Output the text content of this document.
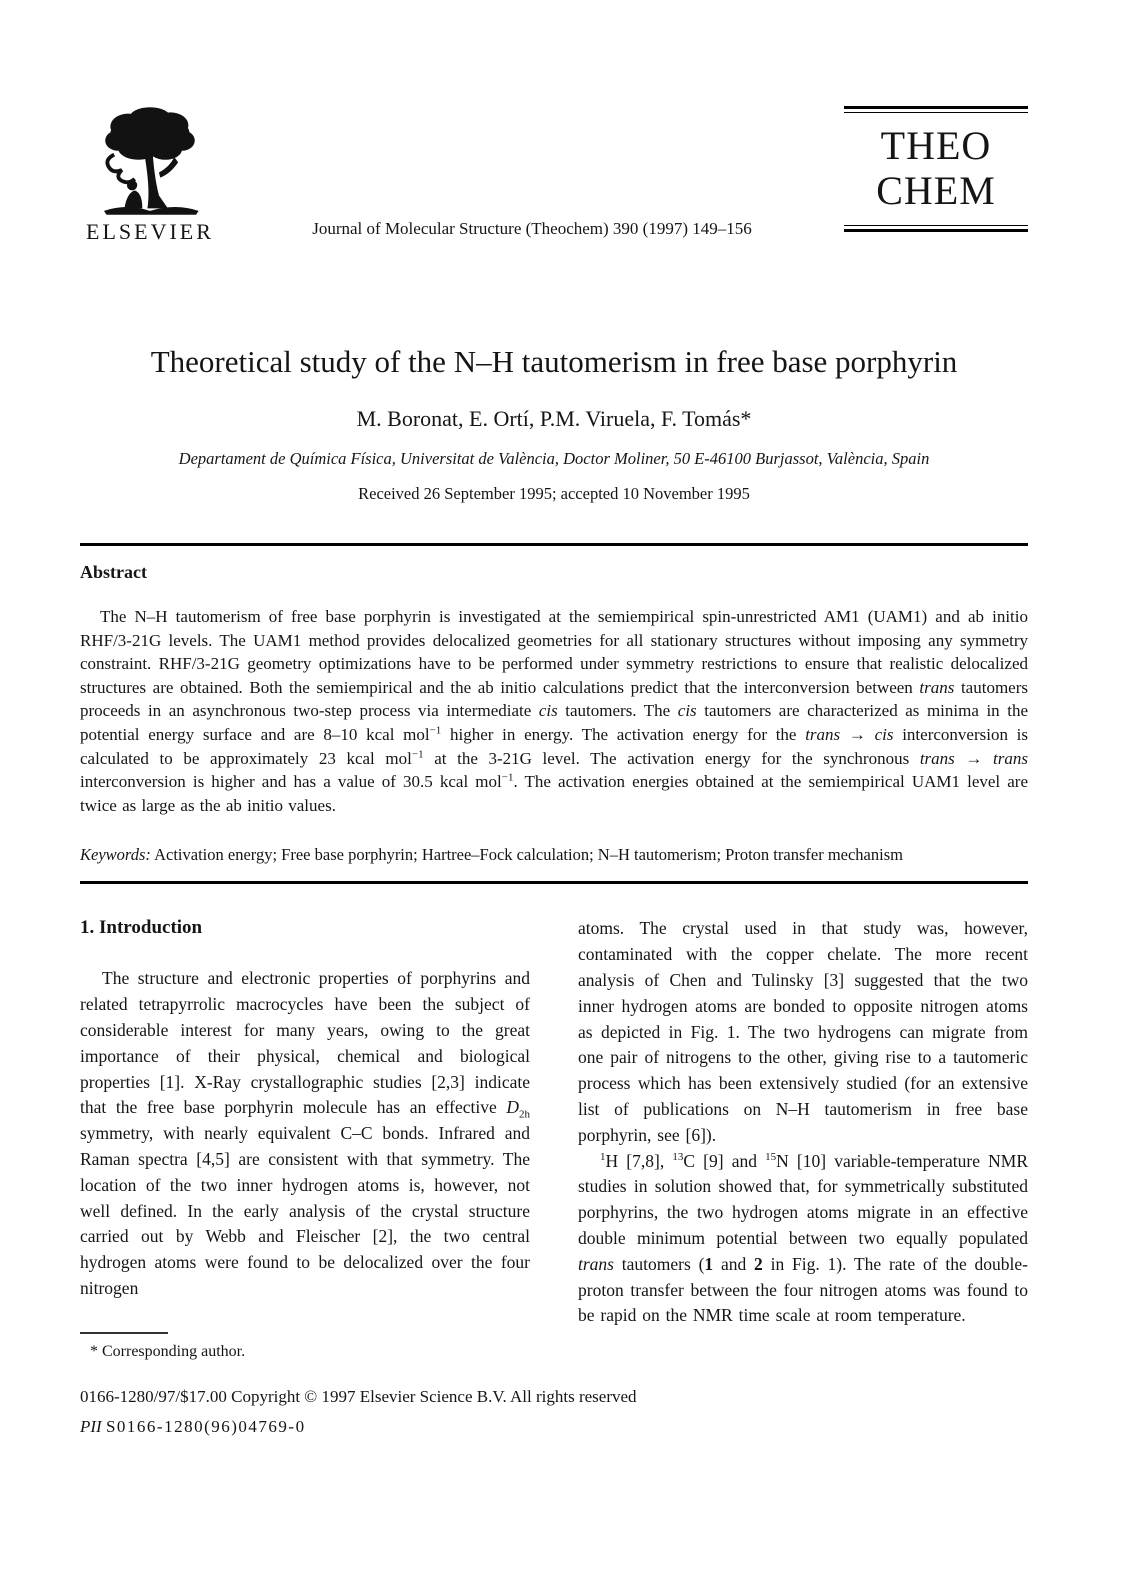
ELSEVIER	Journal of Molecular Structure (Theochem) 390 (1997) 149–156
THEO
CHEM
Theoretical study of the N–H tautomerism in free base porphyrin
M. Boronat, E. Ortí, P.M. Viruela, F. Tomás*
Departament de Química Física, Universitat de València, Doctor Moliner, 50 E-46100 Burjassot, València, Spain
Received 26 September 1995; accepted 10 November 1995
Abstract

The N–H tautomerism of free base porphyrin is investigated at the semiempirical spin-unrestricted AM1 (UAM1) and ab initio RHF/3-21G levels. The UAM1 method provides delocalized geometries for all stationary structures without imposing any symmetry constraint. RHF/3-21G geometry optimizations have to be performed under symmetry restrictions to ensure that realistic delocalized structures are obtained. Both the semiempirical and the ab initio calculations predict that the interconversion between trans tautomers proceeds in an asynchronous two-step process via intermediate cis tautomers. The cis tautomers are characterized as minima in the potential energy surface and are 8–10 kcal mol$^{-1}$ higher in energy. The activation energy for the trans → cis interconversion is calculated to be approximately 23 kcal mol$^{-1}$ at the 3-21G level. The activation energy for the synchronous trans → trans interconversion is higher and has a value of 30.5 kcal mol$^{-1}$. The activation energies obtained at the semiempirical UAM1 level are twice as large as the ab initio values.

Keywords: Activation energy; Free base porphyrin; Hartree–Fock calculation; N–H tautomerism; Proton transfer mechanism
1. Introduction

The structure and electronic properties of porphyrins and related tetrapyrrolic macrocycles have been the subject of considerable interest for many years, owing to the great importance of their physical, chemical and biological properties [1]. X-Ray crystallographic studies [2,3] indicate that the free base porphyrin molecule has an effective $D_{2h}$ symmetry, with nearly equivalent C–C bonds. Infrared and Raman spectra [4,5] are consistent with that symmetry. The location of the two inner hydrogen atoms is, however, not well defined. In the early analysis of the crystal structure carried out by Webb and Fleischer [2], the two central hydrogen atoms were found to be delocalized over the four nitrogen

atoms. The crystal used in that study was, however, contaminated with the copper chelate. The more recent analysis of Chen and Tulinsky [3] suggested that the two inner hydrogen atoms are bonded to opposite nitrogen atoms as depicted in Fig. 1. The two hydrogens can migrate from one pair of nitrogens to the other, giving rise to a tautomeric process which has been extensively studied (for an extensive list of publications on N–H tautomerism in free base porphyrin, see [6]).

$^1$H [7,8], $^{13}$C [9] and $^{15}$N [10] variable-temperature NMR studies in solution showed that, for symmetrically substituted porphyrins, the two hydrogen atoms migrate in an effective double minimum potential between two equally populated trans tautomers (1 and 2 in Fig. 1). The rate of the double-proton transfer between the four nitrogen atoms was found to be rapid on the NMR time scale at room temperature.

* Corresponding author.
0166-1280/97/$17.00 Copyright © 1997 Elsevier Science B.V. All rights reserved
PII S0166-1280(96)04769-0
